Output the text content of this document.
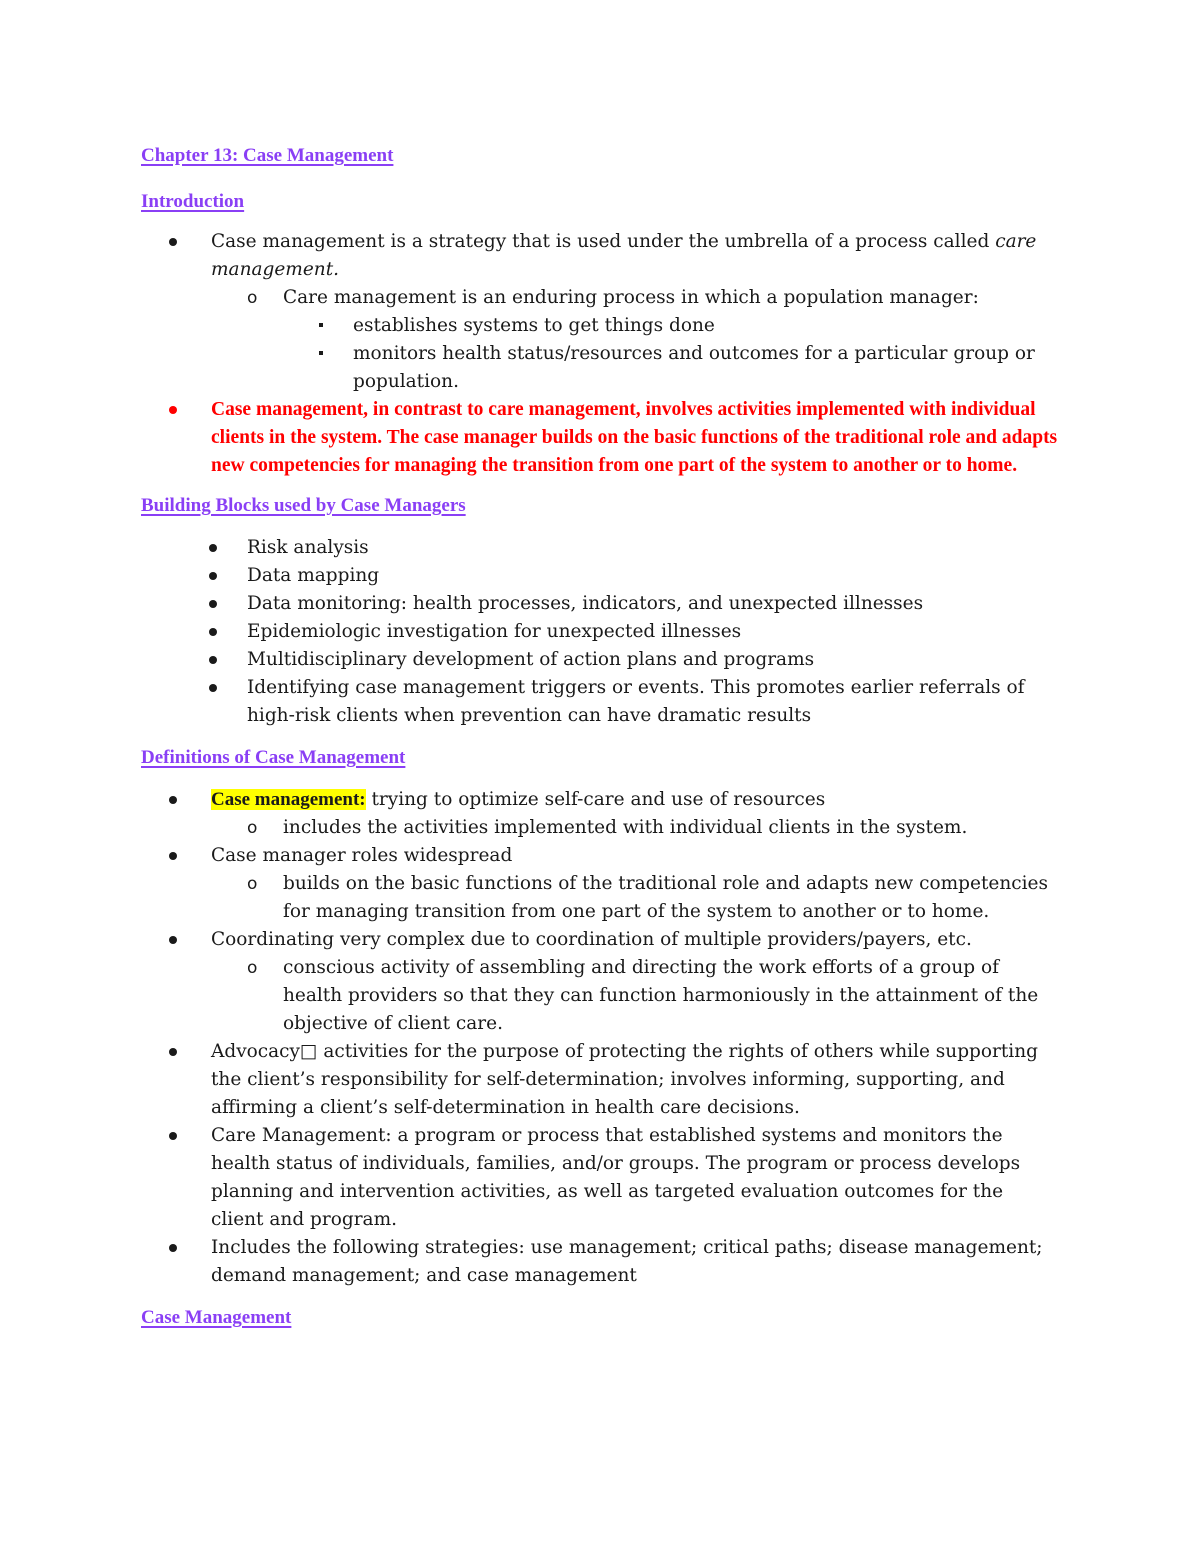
Chapter 13: Case Management

Introduction

Case management is a strategy that is used under the umbrella of a process called care management.
o Care management is an enduring process in which a population manager:
establishes systems to get things done
monitors health status/resources and outcomes for a particular group or population.
Case management, in contrast to care management, involves activities implemented with individual clients in the system. The case manager builds on the basic functions of the traditional role and adapts new competencies for managing the transition from one part of the system to another or to home.

Building Blocks used by Case Managers

Risk analysis
Data mapping
Data monitoring: health processes, indicators, and unexpected illnesses
Epidemiologic investigation for unexpected illnesses
Multidisciplinary development of action plans and programs
Identifying case management triggers or events. This promotes earlier referrals of high-risk clients when prevention can have dramatic results

Definitions of Case Management

Case management: trying to optimize self-care and use of resources
o includes the activities implemented with individual clients in the system.
Case manager roles widespread
o builds on the basic functions of the traditional role and adapts new competencies for managing transition from one part of the system to another or to home.
Coordinating very complex due to coordination of multiple providers/payers, etc.
o conscious activity of assembling and directing the work efforts of a group of health providers so that they can function harmoniously in the attainment of the objective of client care.
Advocacy□ activities for the purpose of protecting the rights of others while supporting the client’s responsibility for self-determination; involves informing, supporting, and affirming a client’s self-determination in health care decisions.
Care Management: a program or process that established systems and monitors the health status of individuals, families, and/or groups. The program or process develops planning and intervention activities, as well as targeted evaluation outcomes for the client and program.
Includes the following strategies: use management; critical paths; disease management; demand management; and case management

Case Management
